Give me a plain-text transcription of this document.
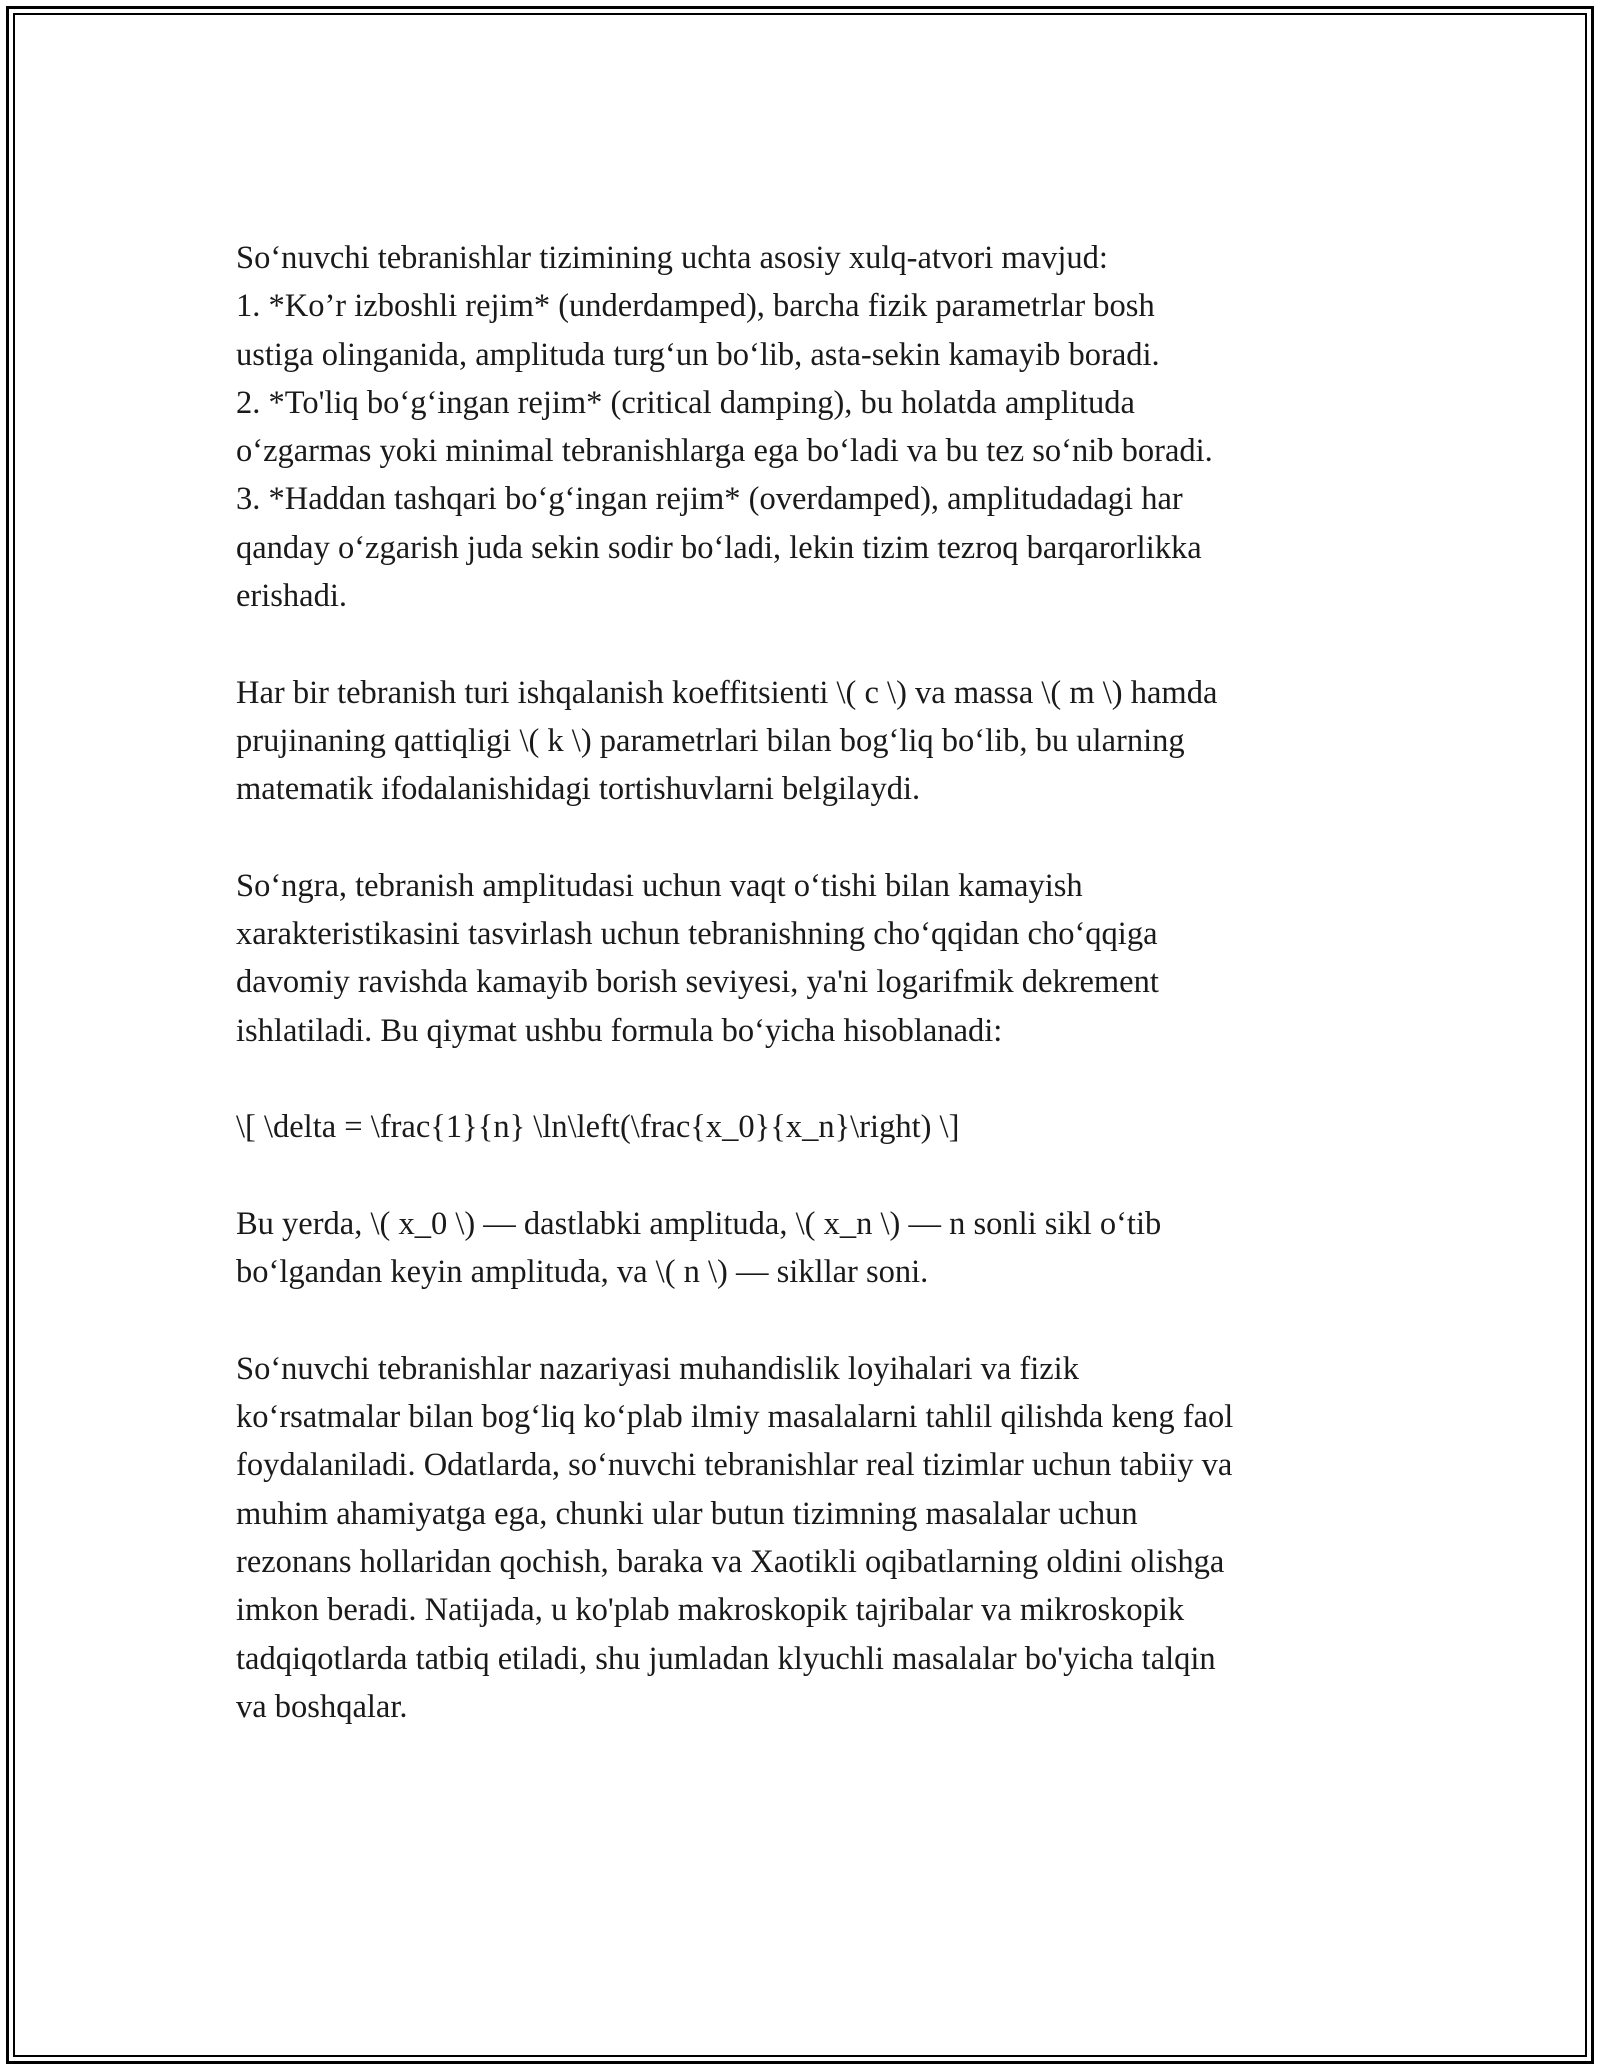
So‘nuvchi tebranishlar tizimining uchta asosiy xulq-atvori mavjud:
1. *Ko’r izboshli rejim* (underdamped), barcha fizik parametrlar bosh
ustiga olinganida, amplituda turg‘un bo‘lib, asta-sekin kamayib boradi.
2. *To'liq bo‘g‘ingan rejim* (critical damping), bu holatda amplituda
o‘zgarmas yoki minimal tebranishlarga ega bo‘ladi va bu tez so‘nib boradi.
3. *Haddan tashqari bo‘g‘ingan rejim* (overdamped), amplitudadagi har
qanday o‘zgarish juda sekin sodir bo‘ladi, lekin tizim tezroq barqarorlikka
erishadi.

Har bir tebranish turi ishqalanish koeffitsienti \( c \) va massa \( m \) hamda
prujinaning qattiqligi \( k \) parametrlari bilan bog‘liq bo‘lib, bu ularning
matematik ifodalanishidagi tortishuvlarni belgilaydi.

So‘ngra, tebranish amplitudasi uchun vaqt o‘tishi bilan kamayish
xarakteristikasini tasvirlash uchun tebranishning cho‘qqidan cho‘qqiga
davomiy ravishda kamayib borish seviyesi, ya'ni logarifmik dekrement
ishlatiladi. Bu qiymat ushbu formula bo‘yicha hisoblanadi:

\[ \delta = \frac{1}{n} \ln\left(\frac{x_0}{x_n}\right) \]

Bu yerda, \( x_0 \) — dastlabki amplituda, \( x_n \) — n sonli sikl o‘tib
bo‘lgandan keyin amplituda, va \( n \) — sikllar soni.

So‘nuvchi tebranishlar nazariyasi muhandislik loyihalari va fizik
ko‘rsatmalar bilan bog‘liq ko‘plab ilmiy masalalarni tahlil qilishda keng faol
foydalaniladi. Odatlarda, so‘nuvchi tebranishlar real tizimlar uchun tabiiy va
muhim ahamiyatga ega, chunki ular butun tizimning masalalar uchun
rezonans hollaridan qochish, baraka va Xaotikli oqibatlarning oldini olishga
imkon beradi. Natijada, u ko'plab makroskopik tajribalar va mikroskopik
tadqiqotlarda tatbiq etiladi, shu jumladan klyuchli masalalar bo'yicha talqin
va boshqalar.
